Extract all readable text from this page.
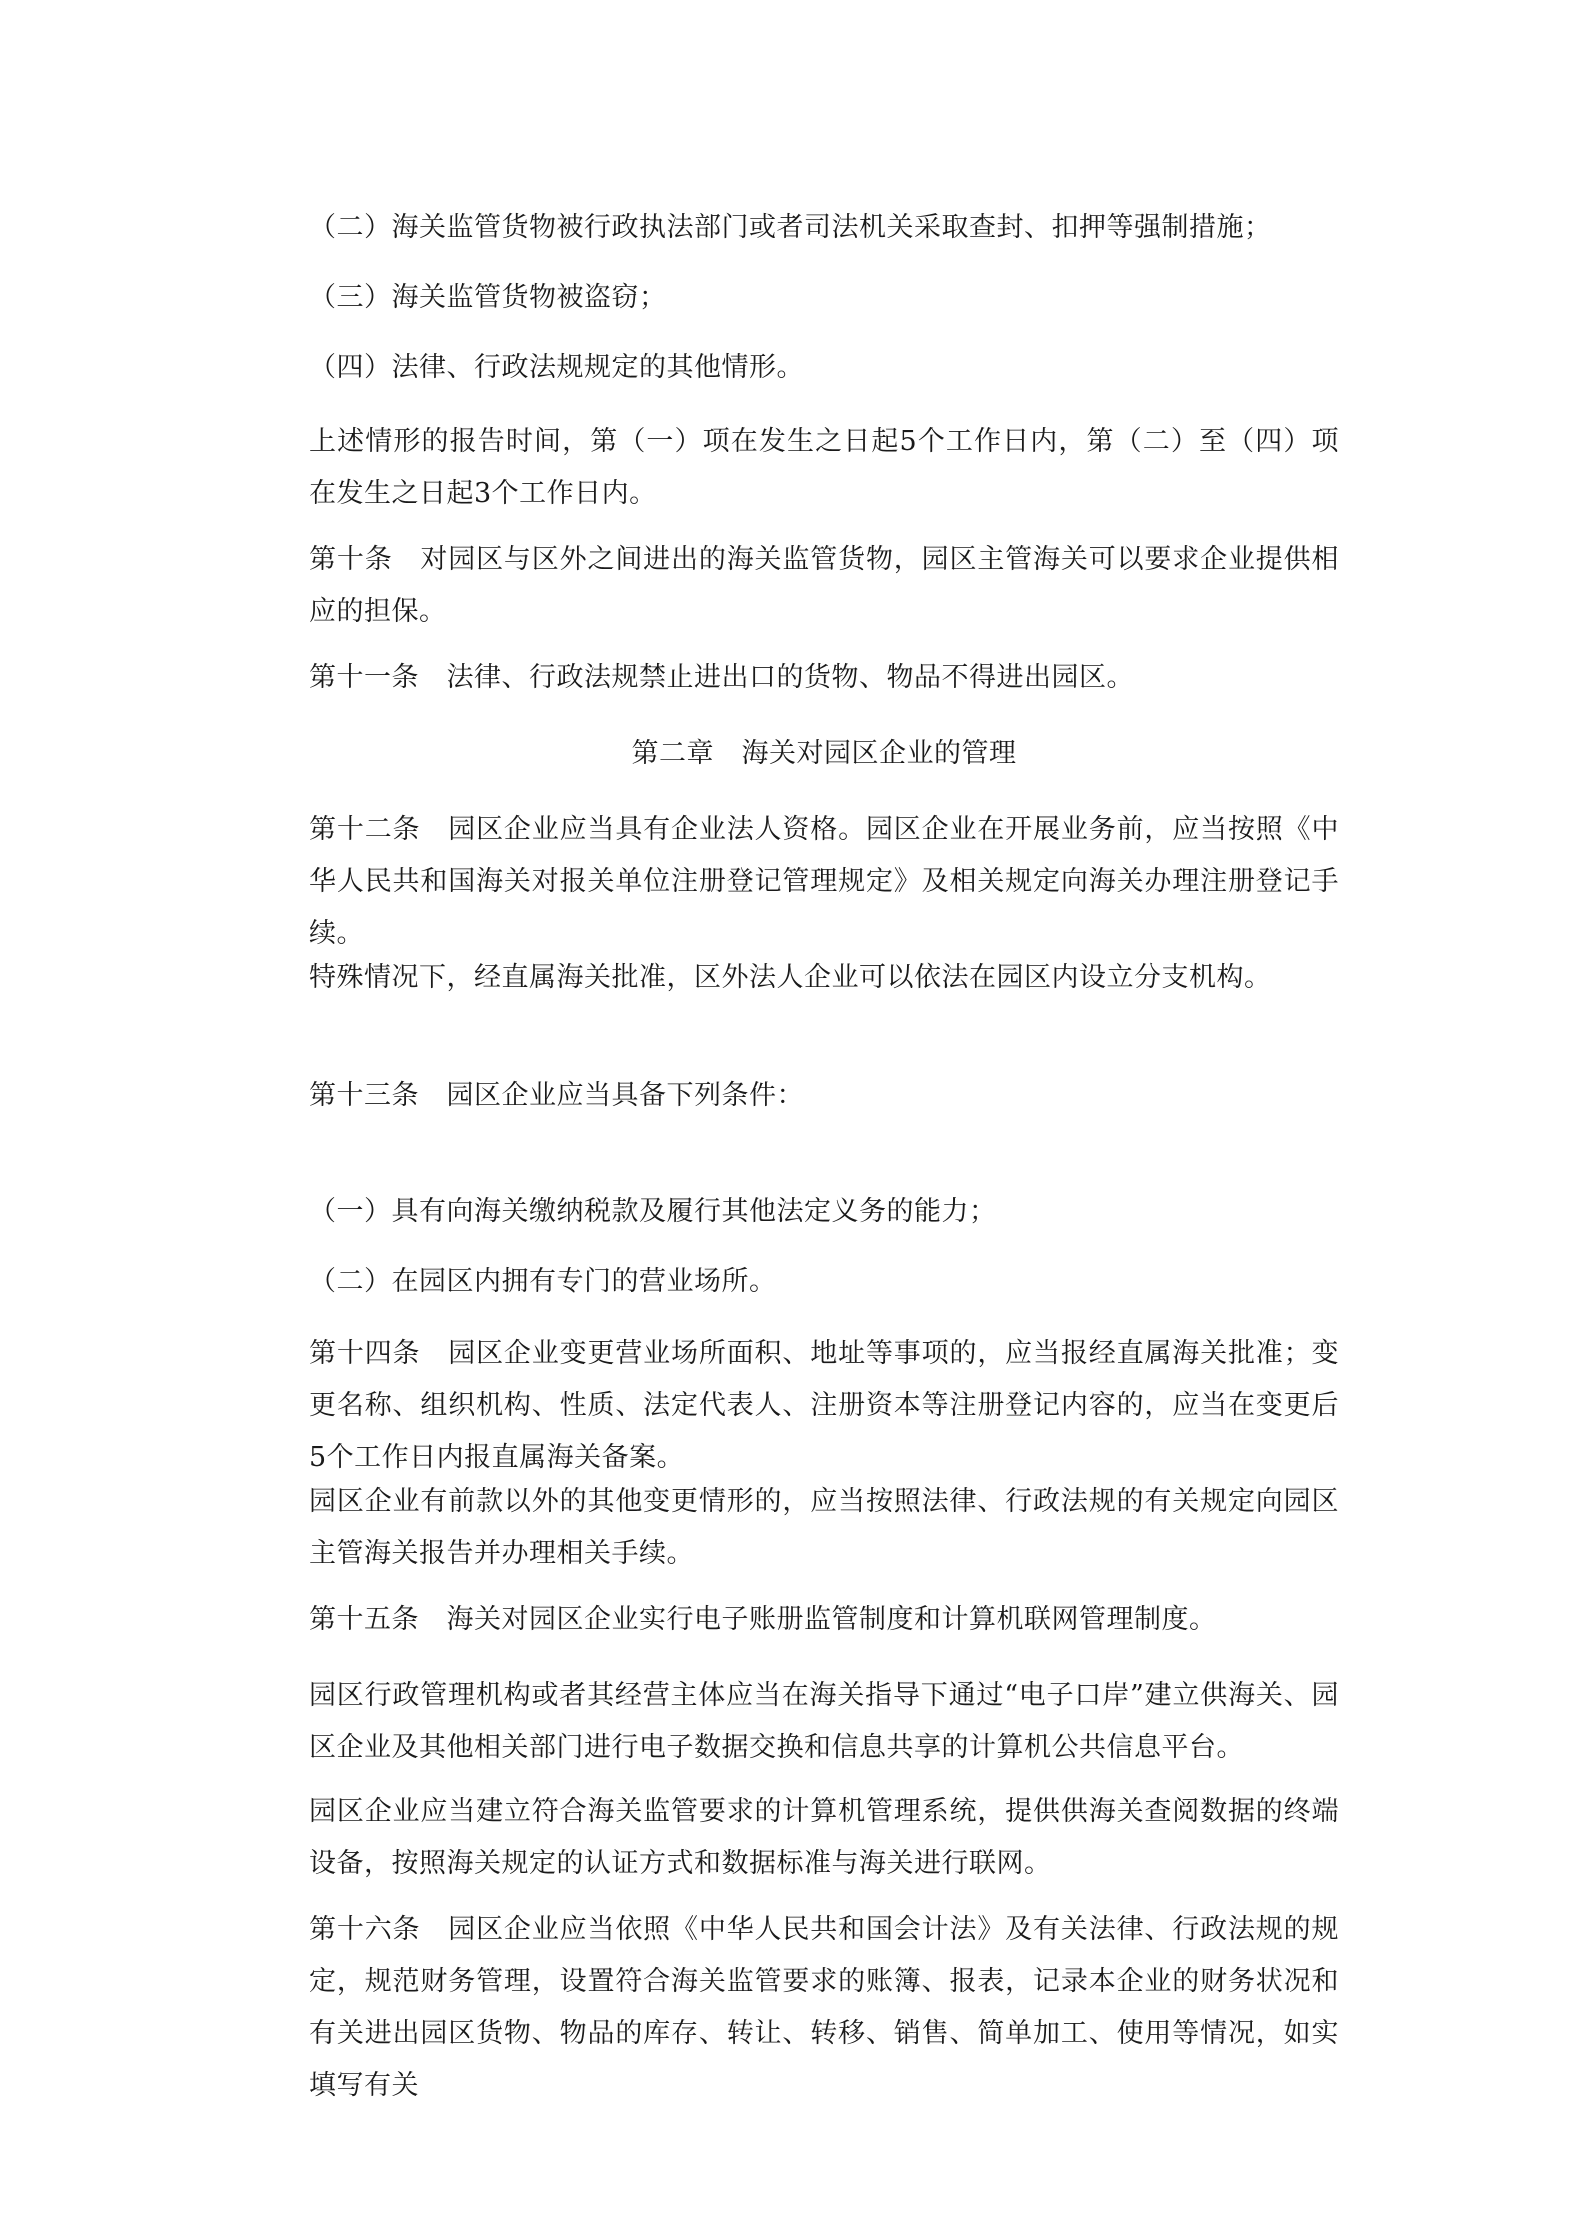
（二）海关监管货物被行政执法部门或者司法机关采取查封、扣押等强制措施；

（三）海关监管货物被盗窃；

（四）法律、行政法规规定的其他情形。

上述情形的报告时间，第（一）项在发生之日起5个工作日内，第（二）至（四）项在发生之日起3个工作日内。

第十条　对园区与区外之间进出的海关监管货物，园区主管海关可以要求企业提供相应的担保。

第十一条　法律、行政法规禁止进出口的货物、物品不得进出园区。

第二章　海关对园区企业的管理

第十二条　园区企业应当具有企业法人资格。园区企业在开展业务前，应当按照《中华人民共和国海关对报关单位注册登记管理规定》及相关规定向海关办理注册登记手续。

特殊情况下，经直属海关批准，区外法人企业可以依法在园区内设立分支机构。

第十三条　园区企业应当具备下列条件：

（一）具有向海关缴纳税款及履行其他法定义务的能力；

（二）在园区内拥有专门的营业场所。

第十四条　园区企业变更营业场所面积、地址等事项的，应当报经直属海关批准；变更名称、组织机构、性质、法定代表人、注册资本等注册登记内容的，应当在变更后5个工作日内报直属海关备案。

园区企业有前款以外的其他变更情形的，应当按照法律、行政法规的有关规定向园区主管海关报告并办理相关手续。

第十五条　海关对园区企业实行电子账册监管制度和计算机联网管理制度。

园区行政管理机构或者其经营主体应当在海关指导下通过“电子口岸”建立供海关、园区企业及其他相关部门进行电子数据交换和信息共享的计算机公共信息平台。

园区企业应当建立符合海关监管要求的计算机管理系统，提供供海关查阅数据的终端设备，按照海关规定的认证方式和数据标准与海关进行联网。

第十六条　园区企业应当依照《中华人民共和国会计法》及有关法律、行政法规的规定，规范财务管理，设置符合海关监管要求的账簿、报表，记录本企业的财务状况和有关进出园区货物、物品的库存、转让、转移、销售、简单加工、使用等情况，如实填写有关
